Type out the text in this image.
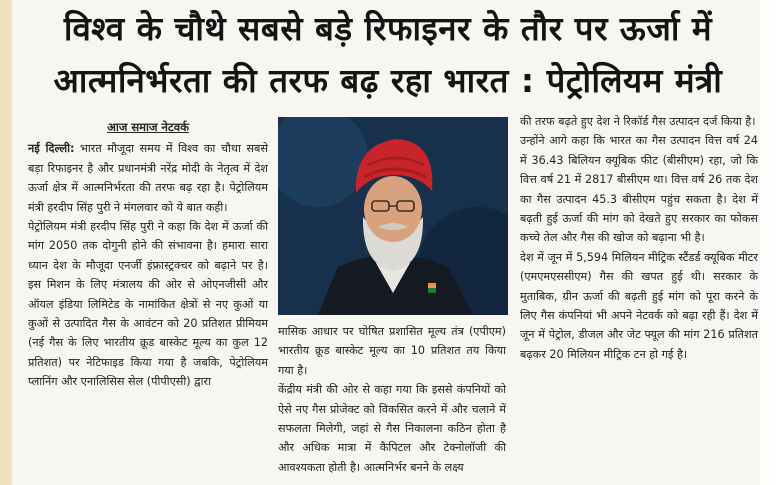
विश्व के चौथे सबसे बड़े रिफाइनर के तौर पर ऊर्जा में
आत्मनिर्भरता की तरफ बढ़ रहा भारत : पेट्रोलियम मंत्री
आज समाज नेटवर्क

नई दिल्ली: भारत मौजूदा समय में विश्व का चौथा सबसे बड़ा रिफाइनर है और प्रधानमंत्री नरेंद्र मोदी के नेतृत्व में देश ऊर्जा क्षेत्र में आत्मनिर्भरता की तरफ बढ़ रहा है। पेट्रोलियम मंत्री हरदीप सिंह पुरी ने मंगलवार को ये बात कही।

पेट्रोलियम मंत्री हरदीप सिंह पुरी ने कहा कि देश में ऊर्जा की मांग 2050 तक दोगुनी होने की संभावना है। हमारा सारा ध्यान देश के मौजूदा एनर्जी इंफ्रास्ट्रक्चर को बढ़ाने पर है। इस मिशन के लिए मंत्रालय की ओर से ओएनजीसी और ऑयल इंडिया लिमिटेड के नामांकित क्षेत्रों से नए कुओं या कुओं से उत्पादित गैस के आवंटन को 20 प्रतिशत प्रीमियम (नई गैस के लिए भारतीय क्रूड बास्केट मूल्य का कुल 12 प्रतिशत) पर नेटिफाइड किया गया है जबकि, पेट्रोलियम प्लानिंग और एनालिसिस सेल (पीपीएसी) द्वारा

मासिक आधार पर घोषित प्रशासित मूल्य तंत्र (एपीएम) भारतीय क्रूड बास्केट मूल्य का 10 प्रतिशत तय किया गया है।

केंद्रीय मंत्री की ओर से कहा गया कि इससे कंपनियों को ऐसे नए गैस प्रोजेक्ट को विकसित करने में और चलाने में सफलता मिलेगी, जहां से गैस निकालना कठिन होता है और अधिक मात्रा में कैपिटल और टेक्नोलॉजी की आवश्यकता होती है। आत्मनिर्भर बनने के लक्ष्य

की तरफ बढ़ते हुए देश ने रिकॉर्ड गैस उत्पादन दर्ज किया है।

उन्होंने आगे कहा कि भारत का गैस उत्पादन वित्त वर्ष 24 में 36.43 बिलियन क्यूबिक फीट (बीसीएम) रहा, जो कि वित्त वर्ष 21 में 2817 बीसीएम था। वित्त वर्ष 26 तक देश का गैस उत्पादन 45.3 बीसीएम पहुंच सकता है। देश में बढ़ती हुई ऊर्जा की मांग को देखते हुए सरकार का फोकस कच्चे तेल और गैस की खोज को बढ़ाना भी है।

देश में जून में 5,594 मिलियन मीट्रिक स्टैंडर्ड क्यूबिक मीटर (एमएमएससीएम) गैस की खपत हुई थी। सरकार के मुताबिक, ग्रीन ऊर्जा की बढ़ती हुई मांग को पूरा करने के लिए गैस कंपनियां भी अपने नेटवर्क को बढ़ा रही हैं। देश में जून में पेट्रोल, डीजल और जेट फ्यूल की मांग 216 प्रतिशत बढ़कर 20 मिलियन मीट्रिक टन हो गई है।
